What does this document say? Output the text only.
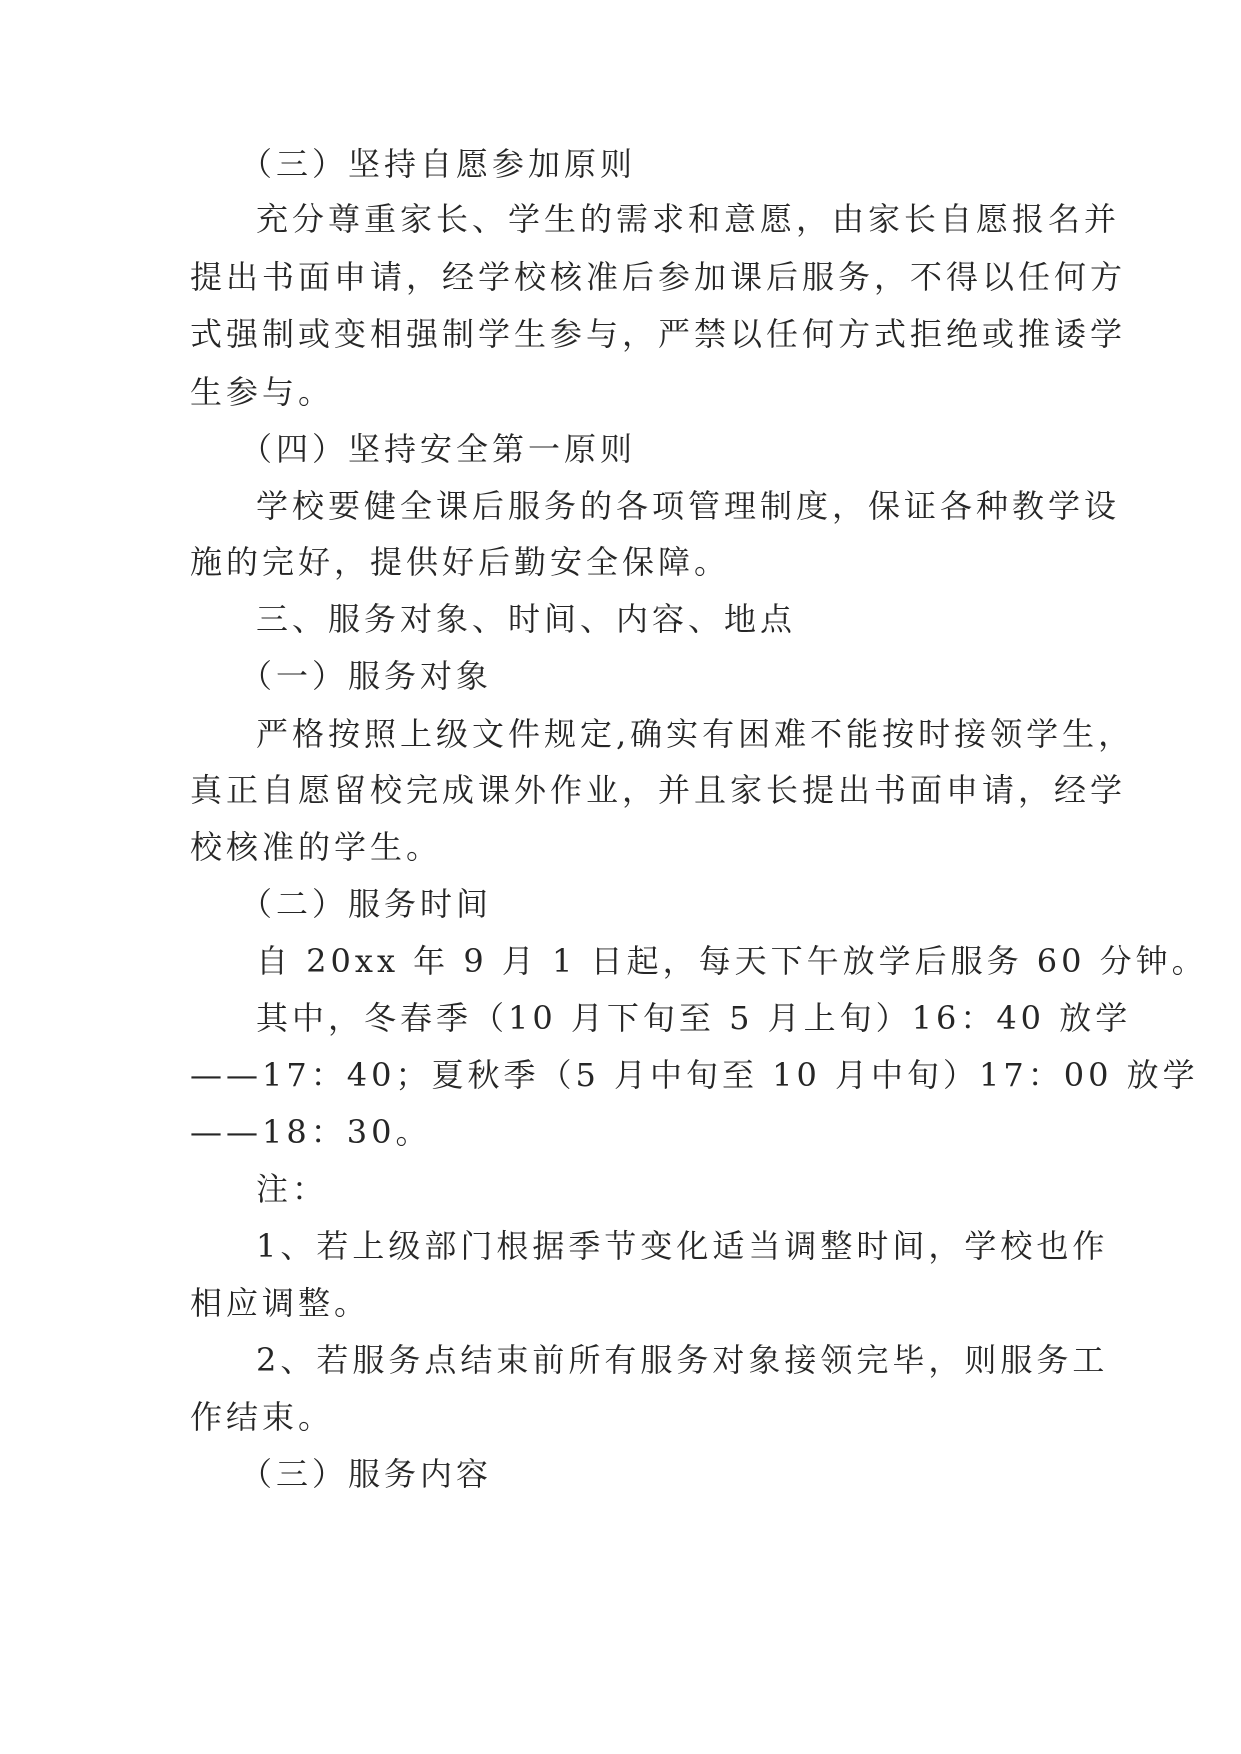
（三）坚持自愿参加原则

充分尊重家长、学生的需求和意愿，由家长自愿报名并

提出书面申请，经学校核准后参加课后服务，不得以任何方

式强制或变相强制学生参与，严禁以任何方式拒绝或推诿学

生参与。

（四）坚持安全第一原则

学校要健全课后服务的各项管理制度，保证各种教学设

施的完好，提供好后勤安全保障。

三、服务对象、时间、内容、地点

（一）服务对象

严格按照上级文件规定,确实有困难不能按时接领学生，

真正自愿留校完成课外作业，并且家长提出书面申请，经学

校核准的学生。

（二）服务时间

自 20xx 年 9 月 1 日起，每天下午放学后服务 60 分钟。

其中，冬春季（10 月下旬至 5 月上旬）16：40 放学

——17：40；夏秋季（5 月中旬至 10 月中旬）17：00 放学

——18：30。

注：

1、若上级部门根据季节变化适当调整时间，学校也作

相应调整。

2、若服务点结束前所有服务对象接领完毕，则服务工

作结束。

（三）服务内容
